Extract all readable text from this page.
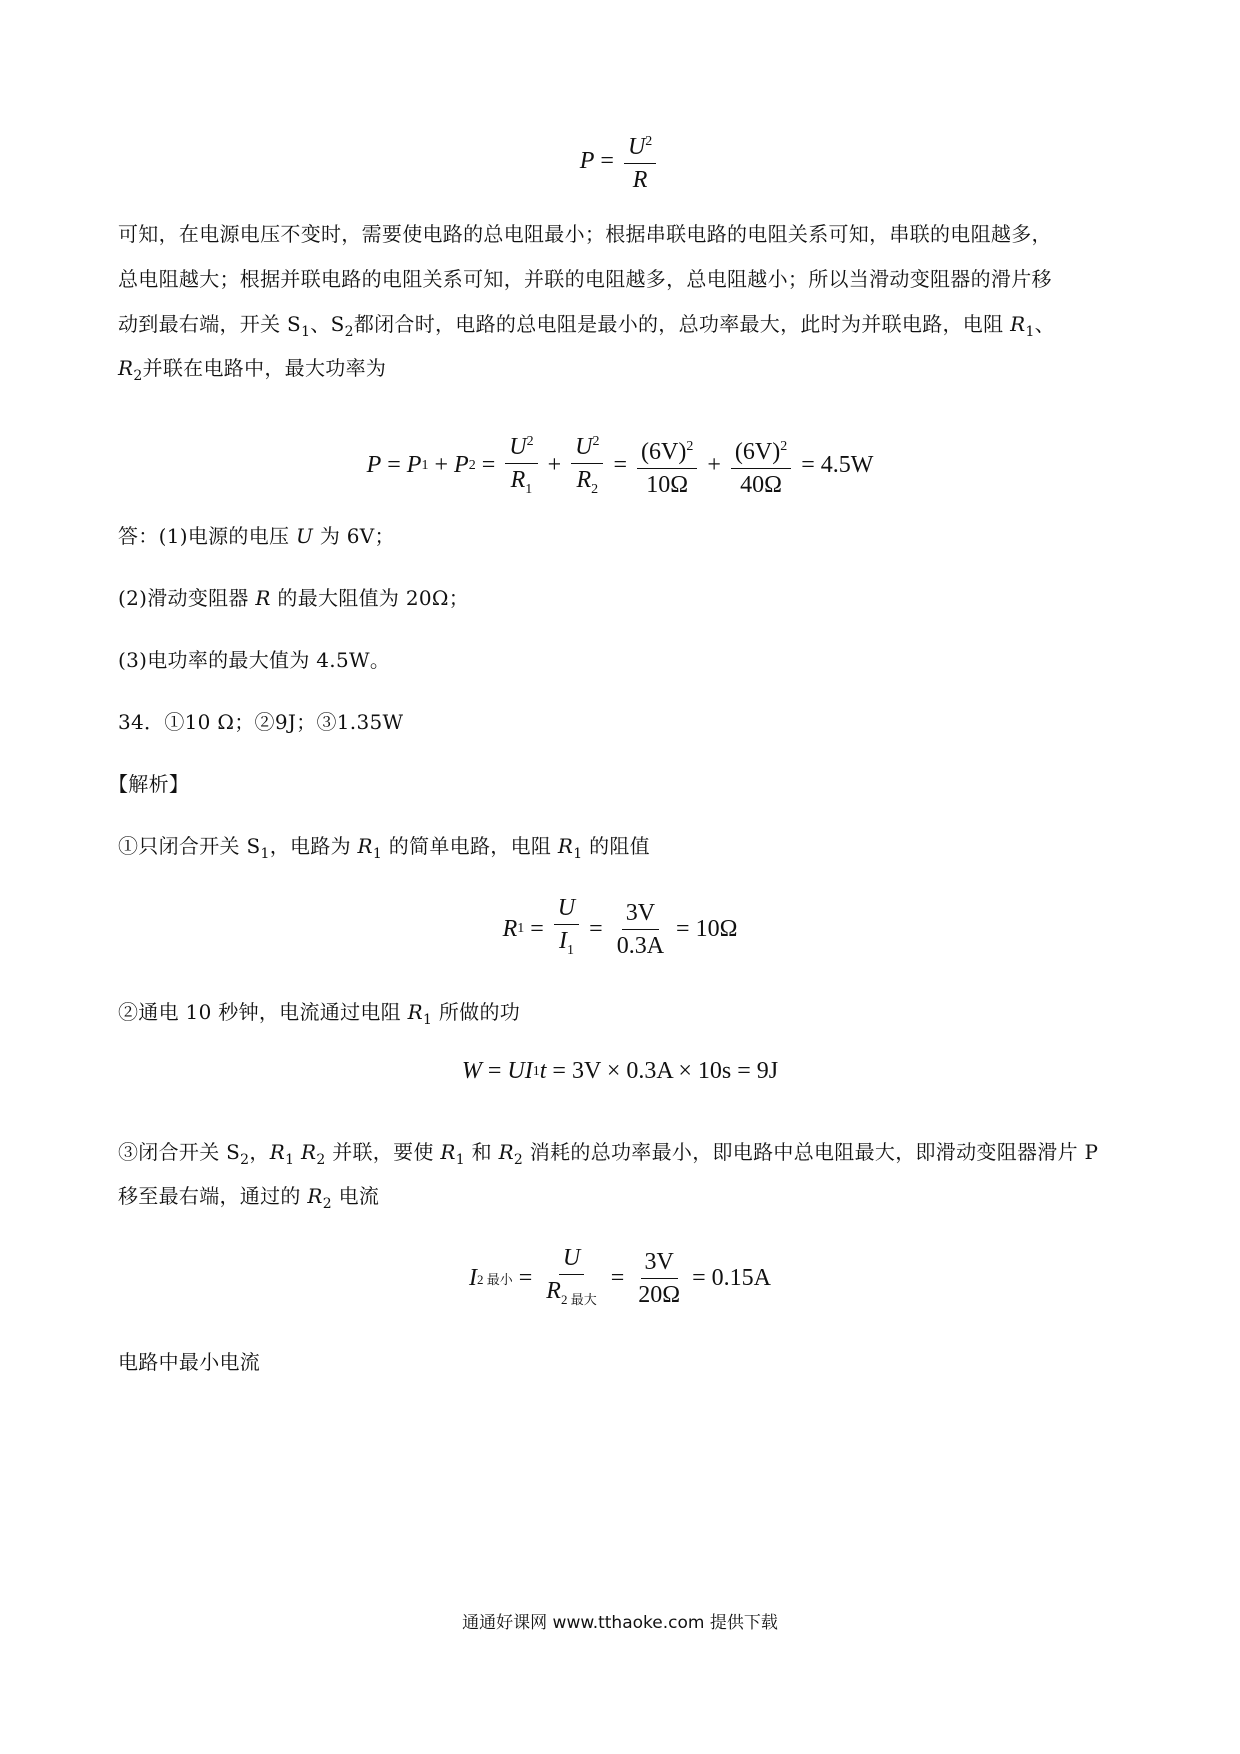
$P = \frac{U^2}{R}$
可知，在电源电压不变时，需要使电路的总电阻最小；根据串联电路的电阻关系可知，串联的电阻越多，
总电阻越大；根据并联电路的电阻关系可知，并联的电阻越多，总电阻越小；所以当滑动变阻器的滑片移
动到最右端，开关 $S_1$、$S_2$都闭合时，电路的总电阻是最小的，总功率最大，此时为并联电路，电阻 $R_1$、
$R_2$并联在电路中，最大功率为
P = P 1 + P $2 = \frac{U^2}{R_1} + \frac{U^2}{R_2} = \frac{(6V)^2}{10\Omega} + \frac{(6V)^2}{40\Omega} = 4.5W$
答：(1)电源的电压 U 为 6V；
(2)滑动变阻器 R 的最大阻值为 20Ω；
(3)电功率的最大值为 4.5W。
34．①10 Ω；②9J；③1.35W
【解析】
①只闭合开关 $S_1$，电路为 $R_1$ 的简单电路，电阻 $R_1$ 的阻值
R $1 = \frac{U}{I_1} = \frac{3V}{0.3A} = 10\Omega$
②通电 10 秒钟，电流通过电阻 $R_1$ 所做的功
W = UI 1 t = 3V × 0.3A × 10s = 9J
③闭合开关 $S_2$，$R_1$ $R_2$ 并联，要使 $R_1$ 和 $R_2$ 消耗的总功率最小，即电路中总电阻最大，即滑动变阻器滑片 P
移至最右端，通过的 $R_2$ 电流
I 2 最小 = $\frac{U}{R_{2 最大}} = \frac{3V}{20\Omega} = 0.15A$
电路中最小电流
通通好课网 www.tthaoke.com 提供下载
